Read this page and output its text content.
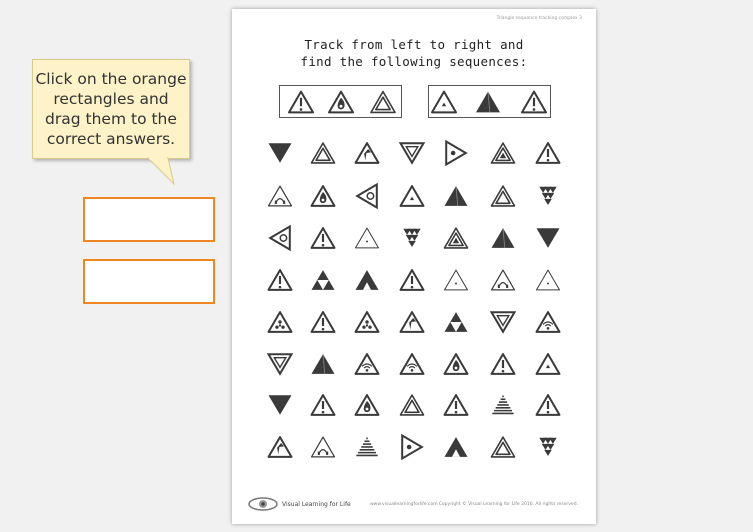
Click on the orange
rectangles and
drag them to the
correct answers.
Triangle sequence tracking complex 3
Track from left to right and
find the following sequences:
Visual Learning for Life	www.visuallearningforlife.com Copyright © Visual Learning for Life 2016. All rights reserved.
